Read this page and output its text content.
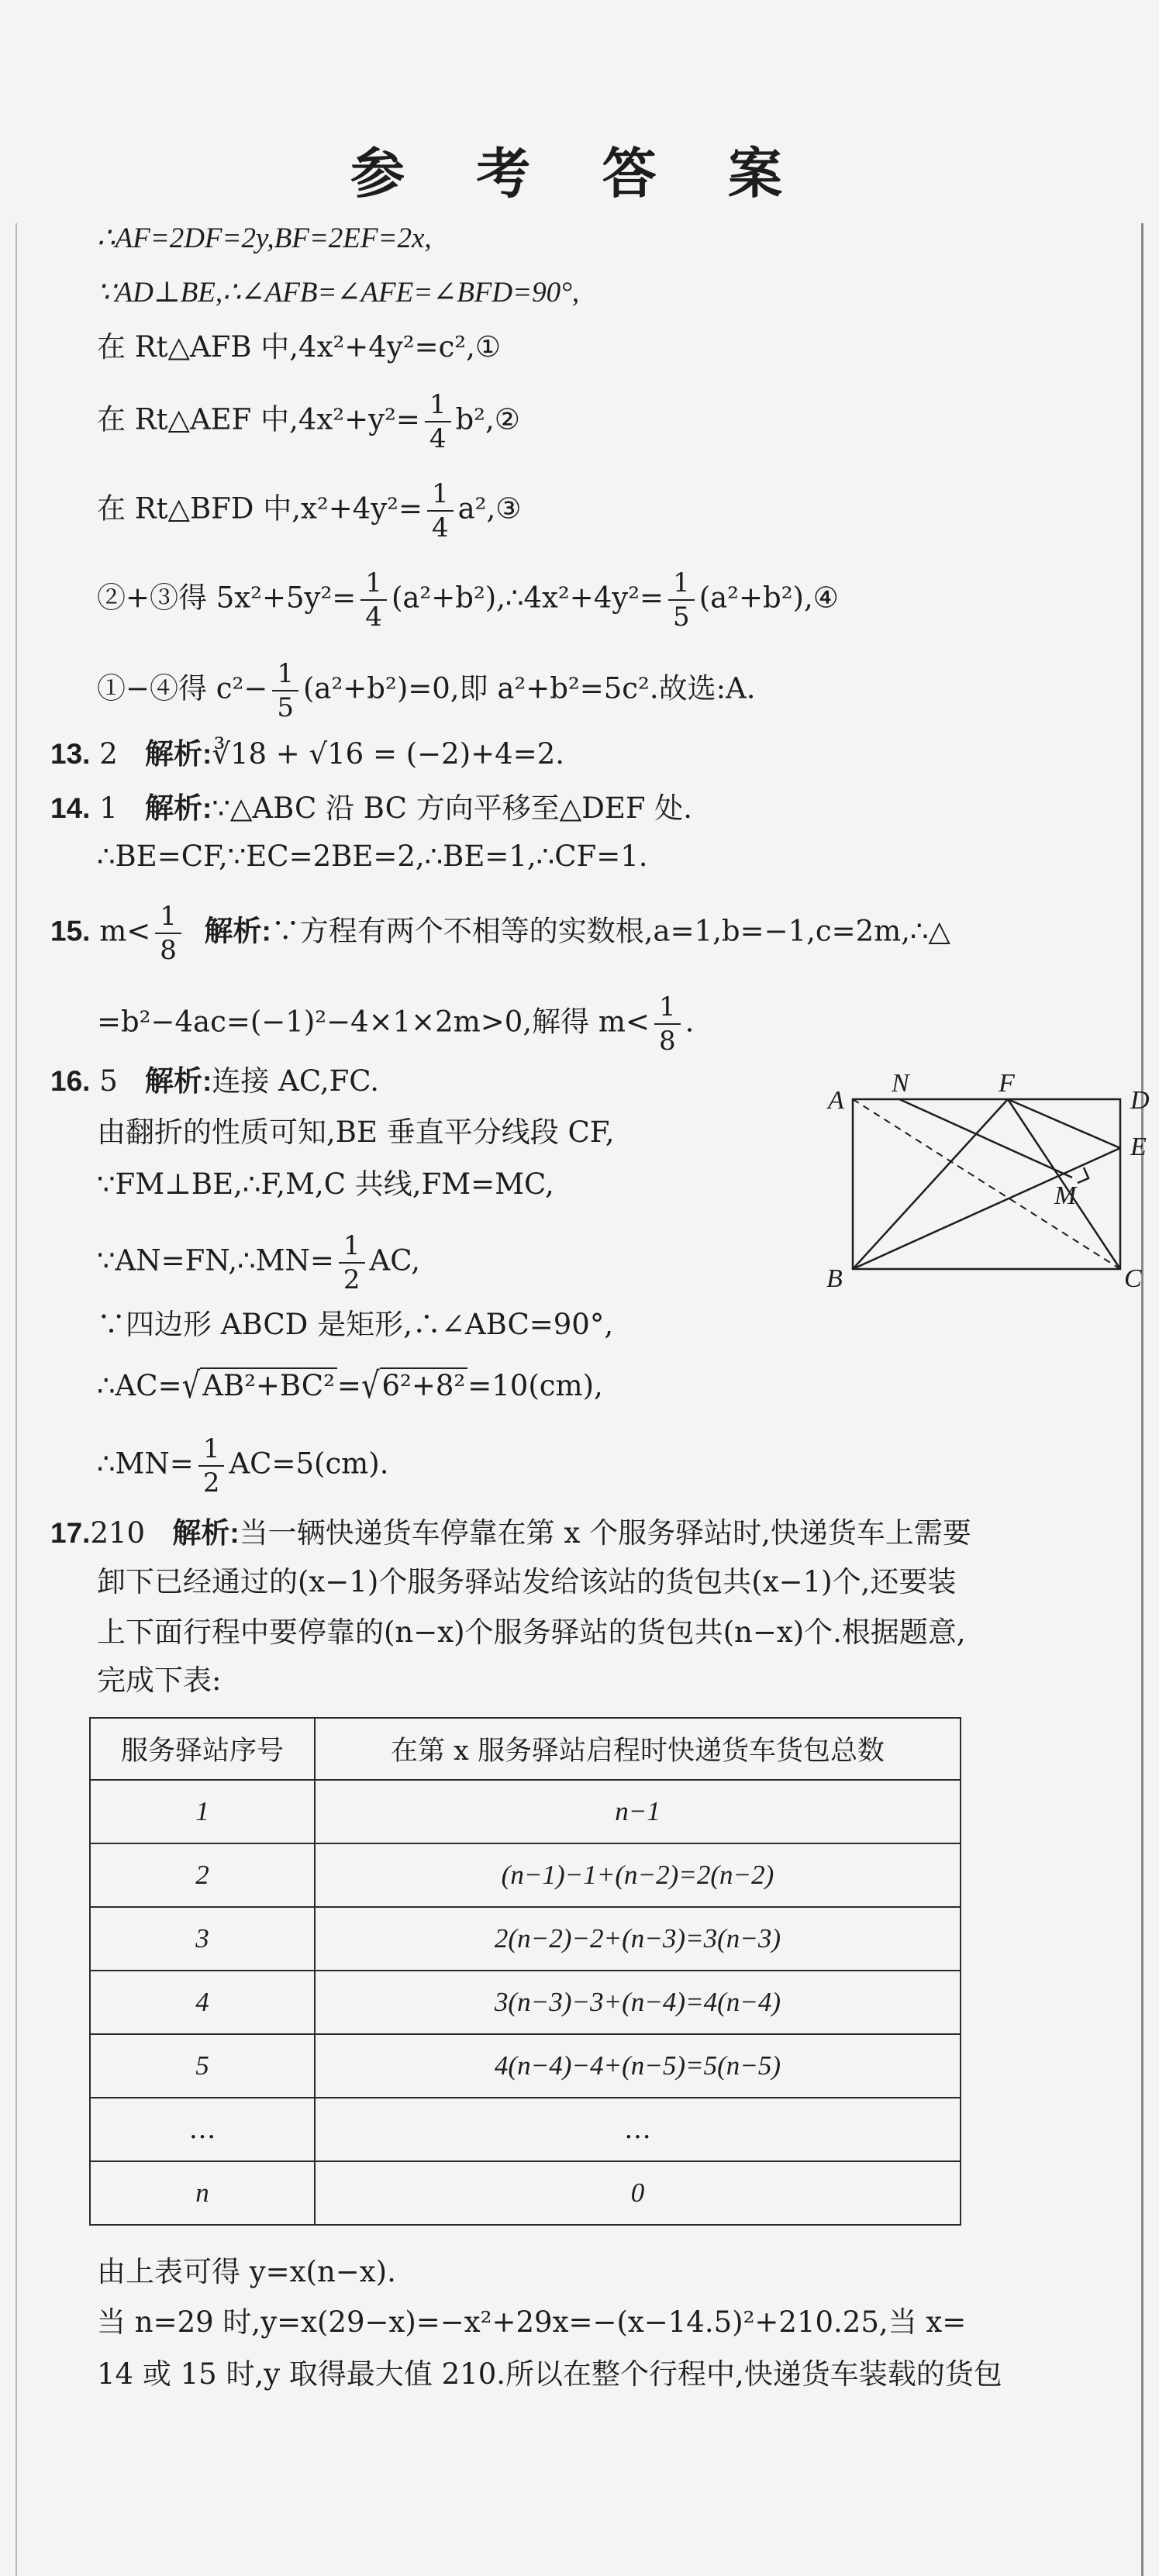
参 考 答 案
∴AF=2DF=2y,BF=2EF=2x,
∵AD⊥BE,∴∠AFB=∠AFE=∠BFD=90°,
在 Rt△AFB 中,4x²+4y²=c²,①
在 Rt△AEF 中$,4x^2+y^2= \frac{1}{4}$ b²,②
在 Rt△BFD 中$,x^2+4y^2= \frac{1}{4}$ a²,③
②+③得 $5x^2+5y^2= \frac{1}{4}$ (a²+b²),∴4x²+4y²= $\frac{1}{5}$ (a²+b²),④
①−④得 $c^2- \frac{1}{5} (a^2+b^2)=0$,即 a²+b²=5c².故选:A.
13. 2 解析:∛18 + √16 = (−2)+4=2.
14. 1 解析:∵△ABC 沿 BC 方向平移至△DEF 处.
∴BE=CF,∵EC=2BE=2,∴BE=1,∴CF=1.
15. $m< \frac{1}{8}$ 解析:∵方程有两个不相等的实数根,a=1,b=−1,c=2m,∴△
=b²−4ac=(−1)²−4×1×2m>0,解得 $m< \frac{1}{8}$ .
16. 5 解析:连接 AC,FC.
由翻折的性质可知,BE 垂直平分线段 CF,
∵FM⊥BE,∴F,M,C 共线,FM=MC,
∵AN=FN,∴MN= $\frac{1}{2}$ AC,
∵四边形 ABCD 是矩形,∴∠ABC=90°,
∴AC=√AB²+BC²=√6²+8²=10(cm),
∴MN= $\frac{1}{2} AC=5(cm)$.
A
N	F
D
E
M
B	C
17.210 解析:当一辆快递货车停靠在第 x 个服务驿站时,快递货车上需要
卸下已经通过的(x−1)个服务驿站发给该站的货包共(x−1)个,还要装
上下面行程中要停靠的(n−x)个服务驿站的货包共(n−x)个.根据题意,
完成下表:
服务驿站序号	在第 x 服务驿站启程时快递货车货包总数
1	n−1
2	(n−1)−1+(n−2)=2(n−2)
3	2(n−2)−2+(n−3)=3(n−3)
4	3(n−3)−3+(n−4)=4(n−4)
5	4(n−4)−4+(n−5)=5(n−5)
…	…
n	0
由上表可得 y=x(n−x).
当 n=29 时,y=x(29−x)=−x²+29x=−(x−14.5)²+210.25,当 x=
14 或 15 时,y 取得最大值 210.所以在整个行程中,快递货车装载的货包
